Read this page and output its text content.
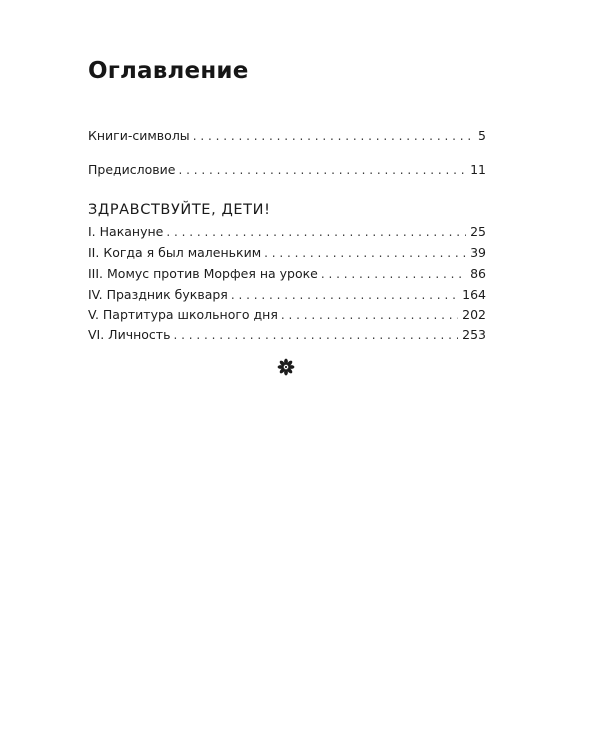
Оглавление
Книги-символы . . .	5
Предисловие . . .	11
ЗДРАВСТВУЙТЕ, ДЕТИ!
I. Накануне . . .	25
II. Когда я был маленьким . . .	39
III. Момус против Морфея на уроке . . .	86
IV. Праздник букваря . . .	164
V. Партитура школьного дня . . .	202
VI. Личность . . .	253
